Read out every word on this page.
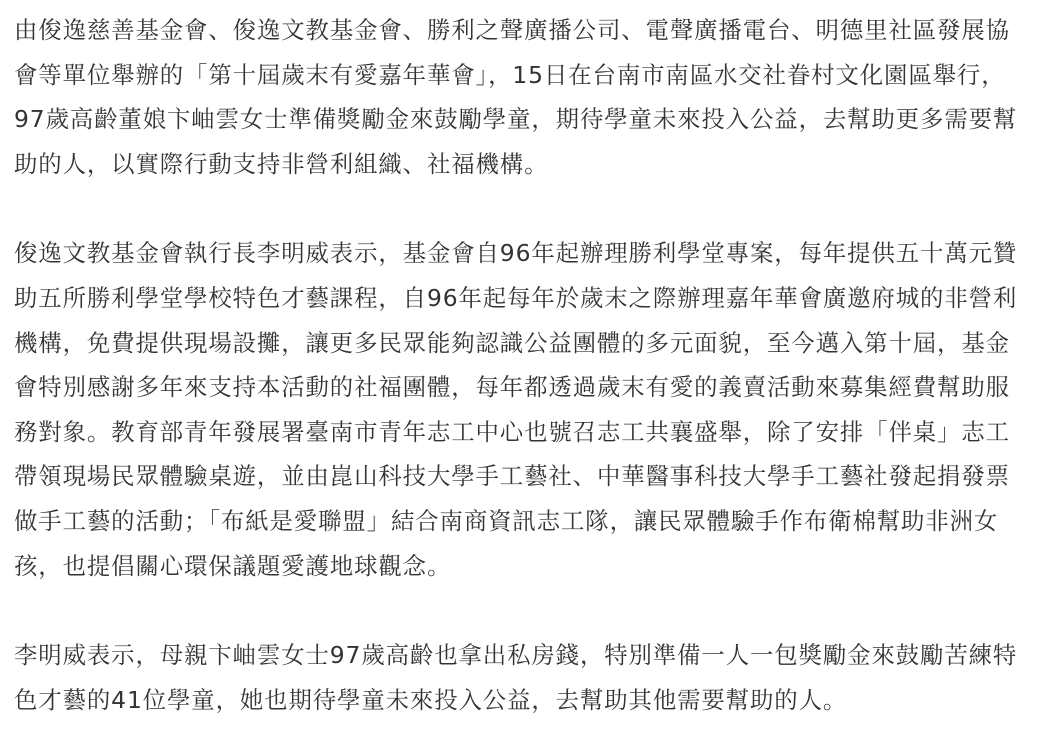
由俊逸慈善基金會、俊逸文教基金會、勝利之聲廣播公司、電聲廣播電台、明德里社區發展協
會等單位舉辦的「第十屆歲末有愛嘉年華會」，15日在台南市南區水交社眷村文化園區舉行，
97歲高齡董娘卞岫雲女士準備獎勵金來鼓勵學童，期待學童未來投入公益，去幫助更多需要幫
助的人，以實際行動支持非營利組織、社福機構。

俊逸文教基金會執行長李明威表示，基金會自96年起辦理勝利學堂專案，每年提供五十萬元贊
助五所勝利學堂學校特色才藝課程，自96年起每年於歲末之際辦理嘉年華會廣邀府城的非營利
機構，免費提供現場設攤，讓更多民眾能夠認識公益團體的多元面貌，至今邁入第十屆，基金
會特別感謝多年來支持本活動的社福團體，每年都透過歲末有愛的義賣活動來募集經費幫助服
務對象。教育部青年發展署臺南市青年志工中心也號召志工共襄盛舉，除了安排「伴桌」志工
帶領現場民眾體驗桌遊，並由崑山科技大學手工藝社、中華醫事科技大學手工藝社發起捐發票
做手工藝的活動；「布紙是愛聯盟」結合南商資訊志工隊，讓民眾體驗手作布衛棉幫助非洲女
孩，也提倡關心環保議題愛護地球觀念。

李明威表示，母親卞岫雲女士97歲高齡也拿出私房錢，特別準備一人一包獎勵金來鼓勵苦練特
色才藝的41位學童，她也期待學童未來投入公益，去幫助其他需要幫助的人。
